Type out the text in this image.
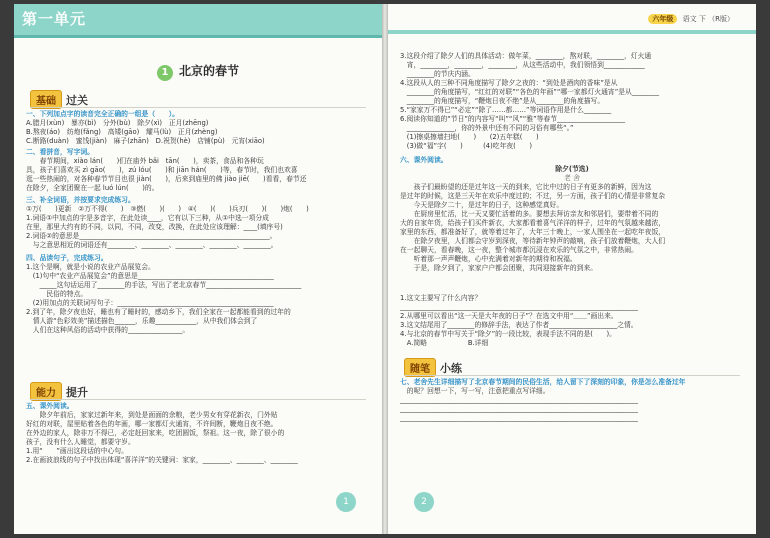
第一单元
1 北京的春节
基础 过关

一、下列加点字的读音完全正确的一组是（　　）。

A.腊月(xùn)　暴亦(bì)　分外(bù)　除夕(xì)　正月(zhēng)

B.熬夜(áo)　纺炮(fǎng)　高矮(gāo)　耀马(lù)　正月(zhèng)

C.断路(duàn)　蜜饯(jiàn)　麻子(zhān)　D.祝贺(hè)　店铺(pù)　元宵(xiāo)

二、看拼音，写字词。

　　春节期间，xiào lán(　　)们在庙外 bǎi　tān(　　)，卖茶，食品和各种玩

具，孩子们喜欢买 zì gāo(　　)，zú lóu(　　)和 jiān hán(　　)等，春节时，我们也欢喜

逛一些热闹的，对各种春节节目也很 jiàn(　　)，后来到庙里的佛 jiào jiē(　　)看看，春节还

在除夕，全家团聚在一起 luó lún(　　)的。

三、补全词语，并按要求完成练习。

①万(　　)更新　②万不得(　　)　③燃(　　)(　　)　④(　　)(　　)兵刃(　　)(　　)炮(　　)

1.词语①中加点的字是多音字，在此处读____，它有以下三种，从①中选一项分成

在里，那里大约有的不同，以同，不同，改变，改换，在此处应该理解：____(填序号)

2.词语②的意思是________________________________________________________。

　与之意思相近的词语还有________、________、________、________、________。

四、品读句子，完成练习。

1.这个是啊，就是小说的农业产品展览会。

　(1)句中“农业产品展览会”的意思是________________________________________

　　_____这句话运用了________的手法，写出了老北京春节____________________________

　　　民俗的特点。

　(2)用加点的关联词写句子：______________________________________________

2.到了年，除夕夜也好，睡也有了睡时的，感动乡下，我们全家在一起都能看到的过年的

　情人游“色彩效美”描述描色______，乐趣____________，从中我们体会到了

　人们在这种风俗的活动中获得的________________。

能力 提升

五、课外阅读。

　　除夕年前后，家家过新年来，到处是面面的余粮，老少男女有穿花新衣，门外贴

好红的对联，屋里贴着各色的年画，哪一家都灯火通宵，不许间断，鞭炮日夜不绝。

在外边的家人，除非万不得已，必定赶回家来，吃团圆饭，祭祖。这一夜，除了很小的

孩子，没有什么人睡觉，都要守岁。

1.用“　　”画出这段话的中心句。

2.在画波浪线的句子中找出体现“喜洋洋”的关键词：家家，________、________、________

1
六年级 语文 下 （R版）

3.这段介绍了除夕人们的具体活动：做年菜，________，熬对联，________，灯火通

　宵，________，________，________，从这些活动中，我们领悟到____________

　________的节庆内涵。

4.这段从人的三种不同角度描写了除夕之夜的：“到处是酒肉的香味”是从

　________的角度描写，“红红的对联”“各色的年画”“哪一家都灯火通宵”是从________

　________的角度描写，“鞭炮日夜不绝”是从________的角度描写。

5.“家家万不得已”“必定”“除了……都……”等词语作用是什么________

6.阅读你知道的“节日”的内容写“叫”“风”“雅”等春节____________________

　______________，你的外景中还有不同的习俗有哪些“。”

　(1)擦桌擦墙扫地(　　)　　(2)五年糕(　　)

　(3)做“福”字(　　)　　　(4)吃年夜(　　)

六、课外阅读。

除夕(节选)

老 舍

　　孩子们最盼望的还是过年这一天的到来，它比中过的日子有更多的新鲜，因为这

是过年的时候，这是三天年在欢乐中度过的；不过，另一方面，孩子们的心情是非常复杂

　　今天是除夕二十，是过年的日子，这种感觉真好。

　　在厨房里忙活，比一天又要忙活着的多。要想去拜访亲友和邻居们，要带着不同的

大的自家年货，给孩子们买件新衣，大家都看着喜气洋洋的样子，过年的气氛越来越浓，

家里的东西，都准备好了，就等着过年了，大年三十晚上，一家人围坐在一起吃年夜饭，

　　在除夕夜里，人们都会守岁到深夜，等待新年钟声的敲响，孩子们放着鞭炮，大人们

在一起聊天，看春晚，这一夜，整个城市都沉浸在欢乐的气氛之中，非常热闹。

　　听着那一声声鞭炮，心中充满着对新年的期待和祝福。

　　于是，除夕到了，家家户户都会团聚，共同迎接新年的到来。

1.这文主要写了什么内容？

______________________________________________________________________

2.从哪里可以看出“这一天是大年夜的日子”？在选文中用“＿＿”画出来。

3.这文结尾用了________的修辞手法，表达了作者____________________之情。

4.与北京的春节中写关于“除夕”的一段比较，表现手法不同的是(　　)。

　A.简略　　　　　　B.详细

随笔 小练

七、老舍先生详细描写了北京春节期间的民俗生活，给人留下了深刻的印象，你是怎么准备过年

　的呢？回想一下，写一写，注意把重点写详细。

______________________________________________________________________

______________________________________________________________________

______________________________________________________________________

2
